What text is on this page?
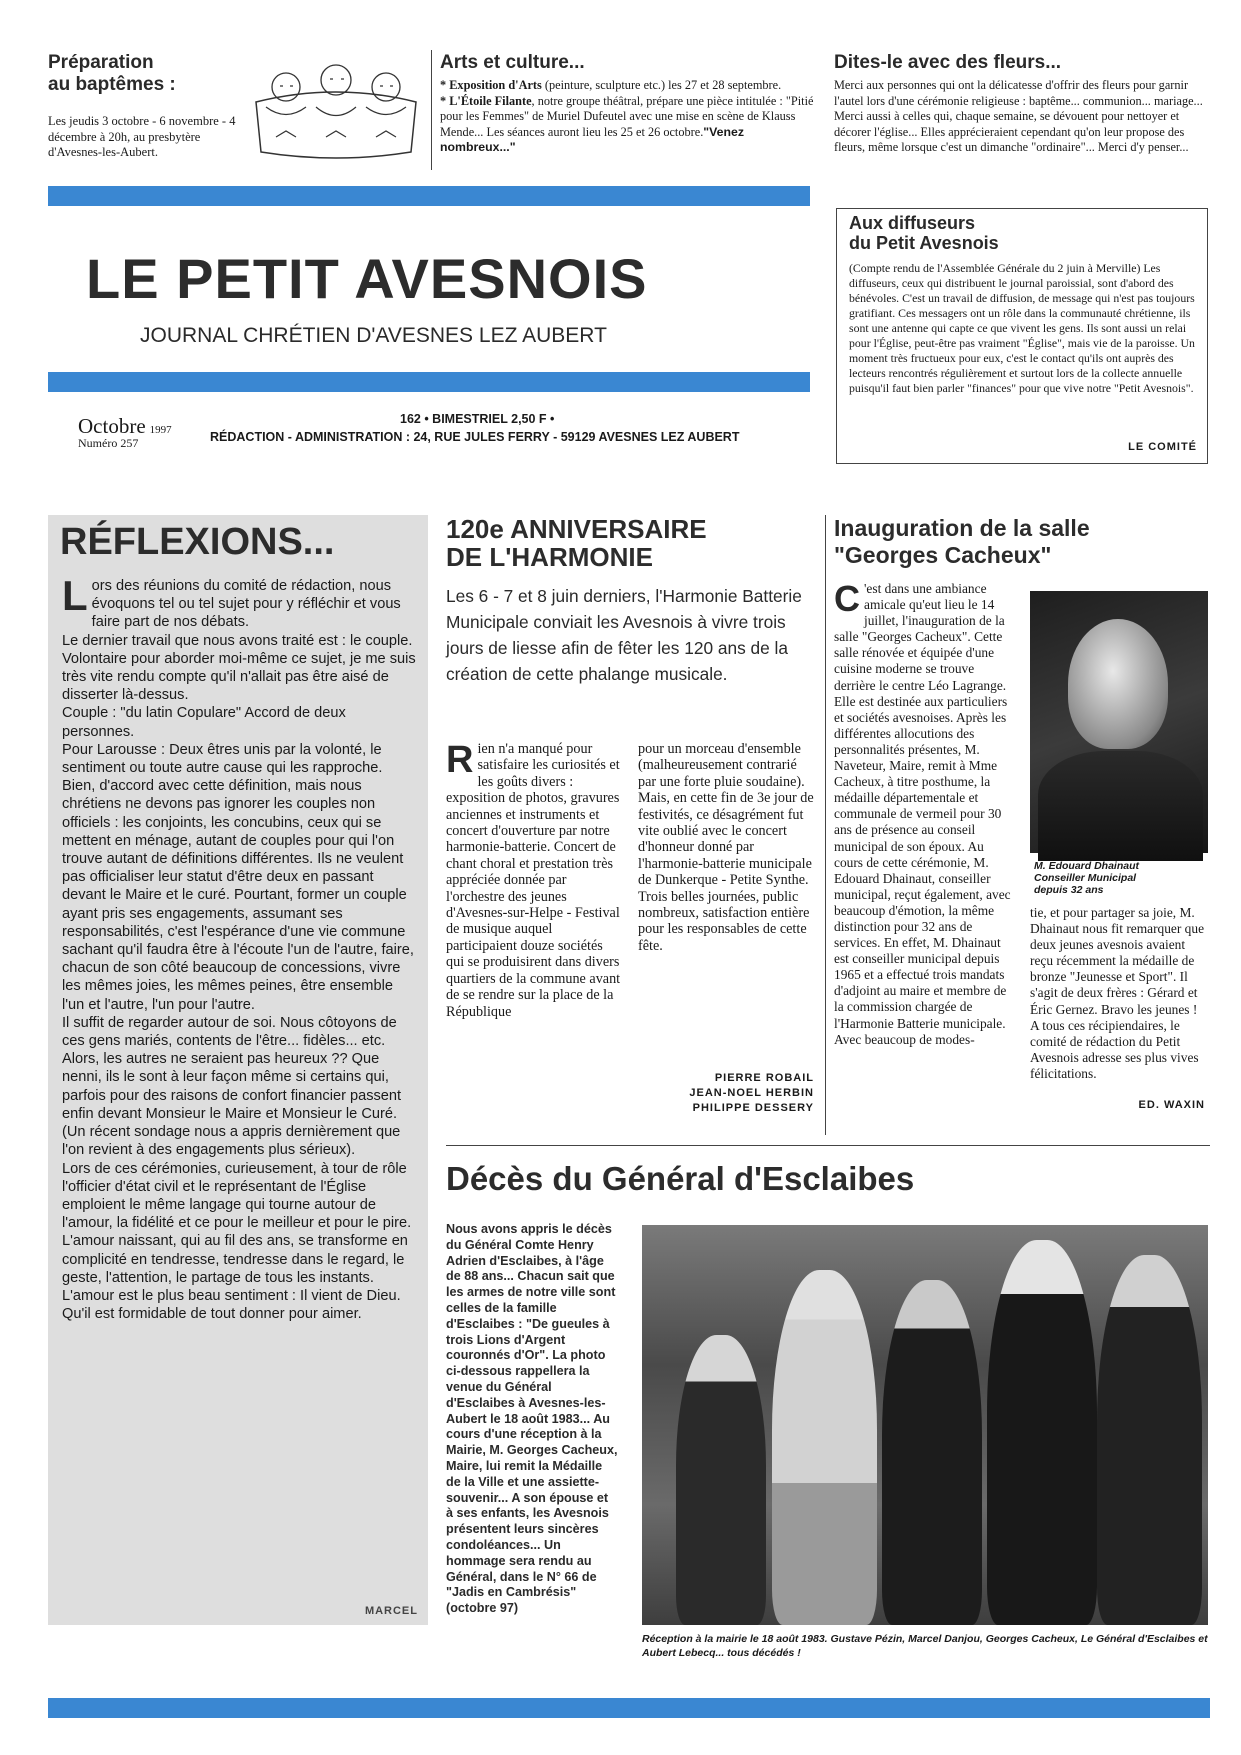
Préparation
au baptêmes :
Les jeudis 3 octobre - 6 novembre - 4 décembre à 20h, au presbytère d'Avesnes-les-Aubert.
Arts et culture...
* Exposition d'Arts (peinture, sculpture etc.) les 27 et 28 septembre.
* L'Étoile Filante, notre groupe théâtral, prépare une pièce intitulée : "Pitié pour les Femmes" de Muriel Dufeutel avec une mise en scène de Klauss Mende... Les séances auront lieu les 25 et 26 octobre."Venez nombreux..."
Dites-le avec des fleurs...
Merci aux personnes qui ont la délicatesse d'offrir des fleurs pour garnir l'autel lors d'une cérémonie religieuse : baptême... communion... mariage... Merci aussi à celles qui, chaque semaine, se dévouent pour nettoyer et décorer l'église... Elles apprécieraient cependant qu'on leur propose des fleurs, même lorsque c'est un dimanche "ordinaire"... Merci d'y penser...
LE PETIT AVESNOIS
JOURNAL CHRÉTIEN D'AVESNES LEZ AUBERT
Octobre 1997
Numéro 257
162 • BIMESTRIEL 2,50 F •
RÉDACTION - ADMINISTRATION : 24, RUE JULES FERRY - 59129 AVESNES LEZ AUBERT
Aux diffuseurs
du Petit Avesnois
(Compte rendu de l'Assemblée Générale du 2 juin à Merville) Les diffuseurs, ceux qui distribuent le journal paroissial, sont d'abord des bénévoles. C'est un travail de diffusion, de message qui n'est pas toujours gratifiant. Ces messagers ont un rôle dans la communauté chrétienne, ils sont une antenne qui capte ce que vivent les gens. Ils sont aussi un relai pour l'Église, peut-être pas vraiment "Église", mais vie de la paroisse. Un moment très fructueux pour eux, c'est le contact qu'ils ont auprès des lecteurs rencontrés régulièrement et surtout lors de la collecte annuelle puisqu'il faut bien parler "finances" pour que vive notre "Petit Avesnois".
LE COMITÉ
RÉFLEXIONS...
L ors des réunions du comité de rédaction, nous évoquons tel ou tel sujet pour y réfléchir et vous faire part de nos débats.

Le dernier travail que nous avons traité est : le couple.

Volontaire pour aborder moi-même ce sujet, je me suis très vite rendu compte qu'il n'allait pas être aisé de disserter là-dessus.

Couple : "du latin Copulare" Accord de deux personnes.

Pour Larousse : Deux êtres unis par la volonté, le sentiment ou toute autre cause qui les rapproche.

Bien, d'accord avec cette définition, mais nous chrétiens ne devons pas ignorer les couples non officiels : les conjoints, les concubins, ceux qui se mettent en ménage, autant de couples pour qui l'on trouve autant de définitions différentes. Ils ne veulent pas officialiser leur statut d'être deux en passant devant le Maire et le curé. Pourtant, former un couple ayant pris ses engagements, assumant ses responsabilités, c'est l'espérance d'une vie commune sachant qu'il faudra être à l'écoute l'un de l'autre, faire, chacun de son côté beaucoup de concessions, vivre les mêmes joies, les mêmes peines, être ensemble l'un et l'autre, l'un pour l'autre.

Il suffit de regarder autour de soi. Nous côtoyons de ces gens mariés, contents de l'être... fidèles... etc. Alors, les autres ne seraient pas heureux ?? Que nenni, ils le sont à leur façon même si certains qui, parfois pour des raisons de confort financier passent enfin devant Monsieur le Maire et Monsieur le Curé.

(Un récent sondage nous a appris dernièrement que l'on revient à des engagements plus sérieux).

Lors de ces cérémonies, curieusement, à tour de rôle l'officier d'état civil et le représentant de l'Église emploient le même langage qui tourne autour de l'amour, la fidélité et ce pour le meilleur et pour le pire.

L'amour naissant, qui au fil des ans, se transforme en complicité en tendresse, tendresse dans le regard, le geste, l'attention, le partage de tous les instants. L'amour est le plus beau sentiment : Il vient de Dieu.

Qu'il est formidable de tout donner pour aimer.

MARCEL
120e ANNIVERSAIRE
DE L'HARMONIE
Les 6 - 7 et 8 juin derniers, l'Harmonie Batterie Municipale conviait les Avesnois à vivre trois jours de liesse afin de fêter les 120 ans de la création de cette phalange musicale.
Rien n'a manqué pour satisfaire les curiosités et les goûts divers : exposition de photos, gravures anciennes et instruments et concert d'ouverture par notre harmonie-batterie. Concert de chant choral et prestation très appréciée donnée par l'orchestre des jeunes d'Avesnes-sur-Helpe - Festival de musique auquel participaient douze sociétés qui se produisirent dans divers quartiers de la commune avant de se rendre sur la place de la République
pour un morceau d'ensemble (malheureusement contrarié par une forte pluie soudaine). Mais, en cette fin de 3e jour de festivités, ce désagrément fut vite oublié avec le concert d'honneur donné par l'harmonie-batterie municipale de Dunkerque - Petite Synthe. Trois belles journées, public nombreux, satisfaction entière pour les responsables de cette fête.
PIERRE ROBAIL
JEAN-NOEL HERBIN
PHILIPPE DESSERY
Inauguration de la salle
"Georges Cacheux"
C 'est dans une ambiance amicale qu'eut lieu le 14 juillet, l'inauguration de la salle "Georges Cacheux". Cette salle rénovée et équipée d'une cuisine moderne se trouve derrière le centre Léo Lagrange. Elle est destinée aux particuliers et sociétés avesnoises. Après les différentes allocutions des personnalités présentes, M. Naveteur, Maire, remit à Mme Cacheux, à titre posthume, la médaille départementale et communale de vermeil pour 30 ans de présence au conseil municipal de son époux. Au cours de cette cérémonie, M. Edouard Dhainaut, conseiller municipal, reçut également, avec beaucoup d'émotion, la même distinction pour 32 ans de services. En effet, M. Dhainaut est conseiller municipal depuis 1965 et a effectué trois mandats d'adjoint au maire et membre de la commission chargée de l'Harmonie Batterie municipale. Avec beaucoup de modes-
M. Edouard Dhainaut
Conseiller Municipal
depuis 32 ans
tie, et pour partager sa joie, M. Dhainaut nous fit remarquer que deux jeunes avesnois avaient reçu récemment la médaille de bronze "Jeunesse et Sport". Il s'agit de deux frères : Gérard et Éric Gernez. Bravo les jeunes ! A tous ces récipiendaires, le comité de rédaction du Petit Avesnois adresse ses plus vives félicitations.
ED. WAXIN
Décès du Général d'Esclaibes
Nous avons appris le décès du Général Comte Henry Adrien d'Esclaibes, à l'âge de 88 ans... Chacun sait que les armes de notre ville sont celles de la famille d'Esclaibes : "De gueules à trois Lions d'Argent couronnés d'Or". La photo ci-dessous rappellera la venue du Général d'Esclaibes à Avesnes-les-Aubert le 18 août 1983... Au cours d'une réception à la Mairie, M. Georges Cacheux, Maire, lui remit la Médaille de la Ville et une assiette-souvenir... A son épouse et à ses enfants, les Avesnois présentent leurs sincères condoléances... Un hommage sera rendu au Général, dans le N° 66 de "Jadis en Cambrésis" (octobre 97)
Réception à la mairie le 18 août 1983. Gustave Pézin, Marcel Danjou, Georges Cacheux, Le Général d'Esclaibes et Aubert Lebecq... tous décédés !
